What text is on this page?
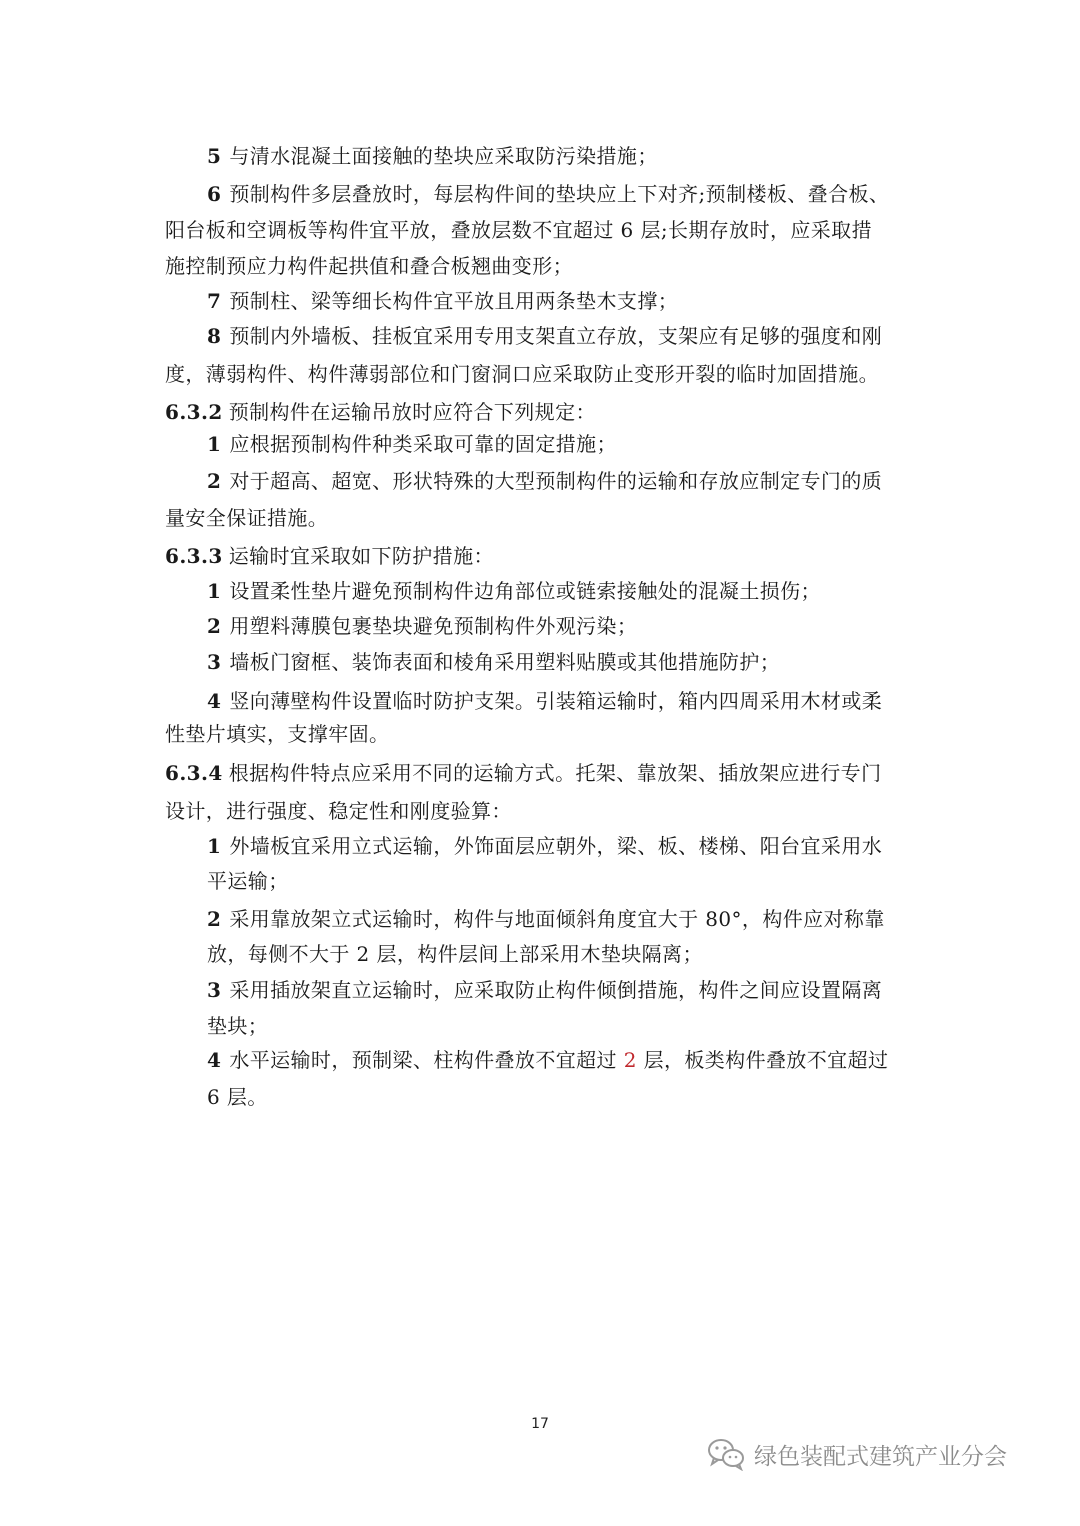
5 与清水混凝土面接触的垫块应采取防污染措施；
6 预制构件多层叠放时，每层构件间的垫块应上下对齐;预制楼板、叠合板、
阳台板和空调板等构件宜平放，叠放层数不宜超过 6 层;长期存放时，应采取措
施控制预应力构件起拱值和叠合板翘曲变形；
7 预制柱、梁等细长构件宜平放且用两条垫木支撑；
8 预制内外墙板、挂板宜采用专用支架直立存放，支架应有足够的强度和刚
度，薄弱构件、构件薄弱部位和门窗洞口应采取防止变形开裂的临时加固措施。
6.3.2 预制构件在运输吊放时应符合下列规定：
1 应根据预制构件种类采取可靠的固定措施；
2 对于超高、超宽、形状特殊的大型预制构件的运输和存放应制定专门的质
量安全保证措施。
6.3.3 运输时宜采取如下防护措施：
1 设置柔性垫片避免预制构件边角部位或链索接触处的混凝土损伤；
2 用塑料薄膜包裹垫块避免预制构件外观污染；
3 墙板门窗框、装饰表面和棱角采用塑料贴膜或其他措施防护；
4 竖向薄壁构件设置临时防护支架。引装箱运输时，箱内四周采用木材或柔
性垫片填实，支撑牢固。
6.3.4 根据构件特点应采用不同的运输方式。托架、靠放架、插放架应进行专门
设计，进行强度、稳定性和刚度验算：
1 外墙板宜采用立式运输，外饰面层应朝外，梁、板、楼梯、阳台宜采用水
平运输；
2 采用靠放架立式运输时，构件与地面倾斜角度宜大于 80°，构件应对称靠
放，每侧不大于 2 层，构件层间上部采用木垫块隔离；
3 采用插放架直立运输时，应采取防止构件倾倒措施，构件之间应设置隔离
垫块；
4 水平运输时，预制梁、柱构件叠放不宜超过 2 层，板类构件叠放不宜超过
6 层。
17
绿色装配式建筑产业分会
